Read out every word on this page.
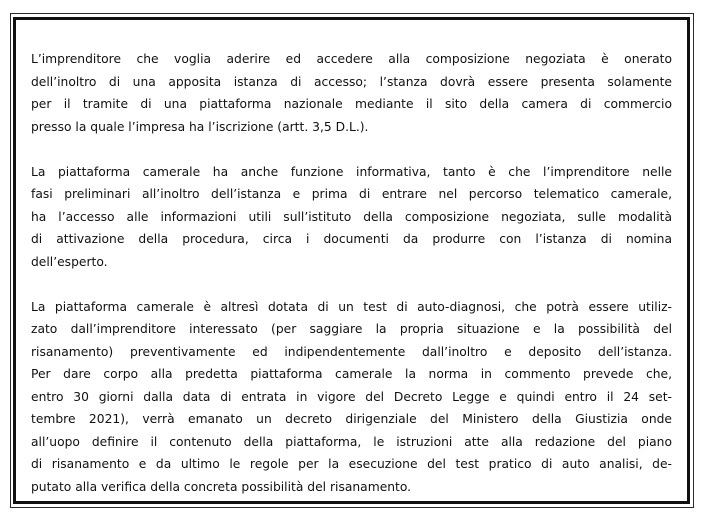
L’imprenditore che voglia aderire ed accedere alla composizione negoziata è onerato
dell’inoltro di una apposita istanza di accesso; l’stanza dovrà essere presenta solamente
per il tramite di una piattaforma nazionale mediante il sito della camera di commercio
presso la quale l’impresa ha l’iscrizione (artt. 3,5 D.L.).
La piattaforma camerale ha anche funzione informativa, tanto è che l’imprenditore nelle
fasi preliminari all’inoltro dell’istanza e prima di entrare nel percorso telematico camerale,
ha l’accesso alle informazioni utili sull’istituto della composizione negoziata, sulle modalità
di attivazione della procedura, circa i documenti da produrre con l’istanza di nomina
dell’esperto.
La piattaforma camerale è altresì dotata di un test di auto-diagnosi, che potrà essere utiliz-
zato dall’imprenditore interessato (per saggiare la propria situazione e la possibilità del
risanamento) preventivamente ed indipendentemente dall’inoltro e deposito dell’istanza.
Per dare corpo alla predetta piattaforma camerale la norma in commento prevede che,
entro 30 giorni dalla data di entrata in vigore del Decreto Legge e quindi entro il 24 set-
tembre 2021), verrà emanato un decreto dirigenziale del Ministero della Giustizia onde
all’uopo definire il contenuto della piattaforma, le istruzioni atte alla redazione del piano
di risanamento e da ultimo le regole per la esecuzione del test pratico di auto analisi, de-
putato alla verifica della concreta possibilità del risanamento.
